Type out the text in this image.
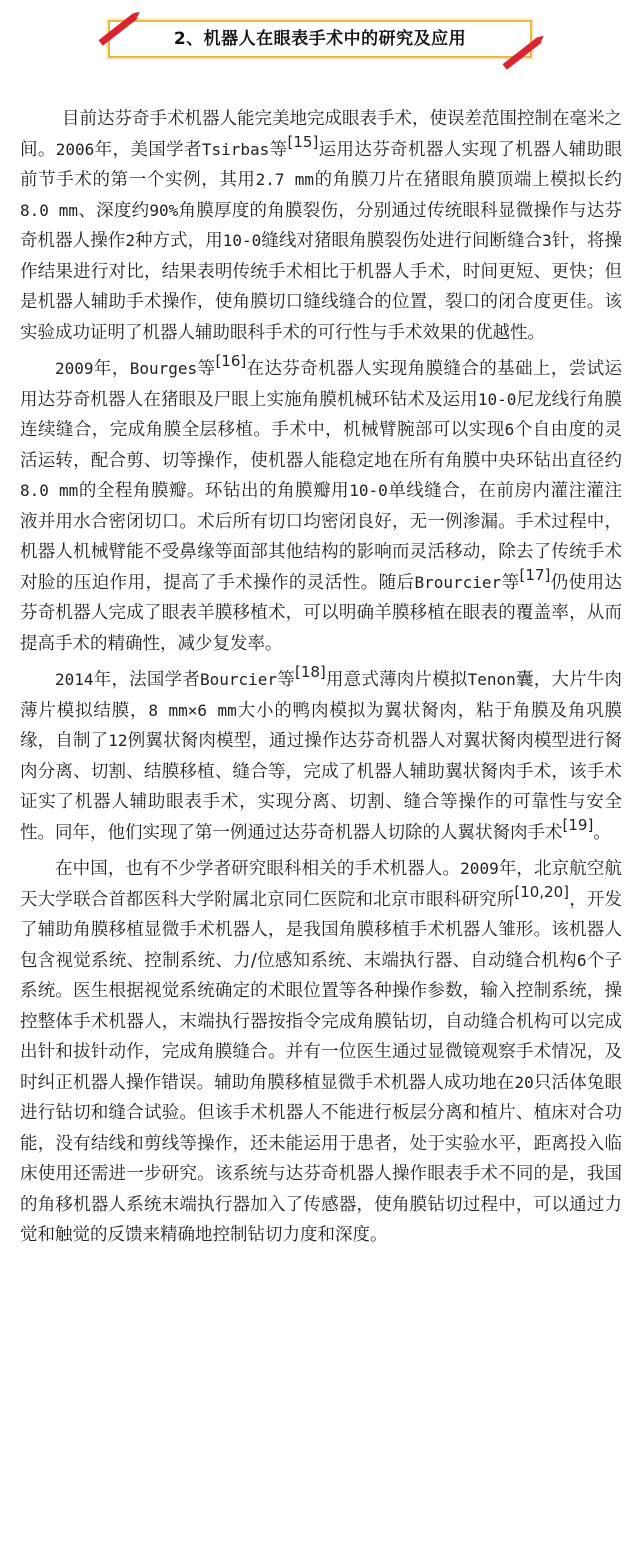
2、机器人在眼表手术中的研究及应用

目前达芬奇手术机器人能完美地完成眼表手术，使误差范围控制在毫米之间。2006年，美国学者Tsirbas等[15]运用达芬奇机器人实现了机器人辅助眼前节手术的第一个实例，其用2.7 mm的角膜刀片在猪眼角膜顶端上模拟长约8.0 mm、深度约90%角膜厚度的角膜裂伤，分别通过传统眼科显微操作与达芬奇机器人操作2种方式，用10-0缝线对猪眼角膜裂伤处进行间断缝合3针，将操作结果进行对比，结果表明传统手术相比于机器人手术，时间更短、更快；但是机器人辅助手术操作，使角膜切口缝线缝合的位置，裂口的闭合度更佳。该实验成功证明了机器人辅助眼科手术的可行性与手术效果的优越性。

2009年，Bourges等[16]在达芬奇机器人实现角膜缝合的基础上，尝试运用达芬奇机器人在猪眼及尸眼上实施角膜机械环钻术及运用10-0尼龙线行角膜连续缝合，完成角膜全层移植。手术中，机械臂腕部可以实现6个自由度的灵活运转，配合剪、切等操作，使机器人能稳定地在所有角膜中央环钻出直径约8.0 mm的全程角膜瓣。环钻出的角膜瓣用10-0单线缝合，在前房内灌注灌注液并用水合密闭切口。术后所有切口均密闭良好，无一例渗漏。手术过程中，机器人机械臂能不受鼻缘等面部其他结构的影响而灵活移动，除去了传统手术对脸的压迫作用，提高了手术操作的灵活性。随后Brourcier等[17]仍使用达芬奇机器人完成了眼表羊膜移植术，可以明确羊膜移植在眼表的覆盖率，从而提高手术的精确性，减少复发率。

2014年，法国学者Bourcier等[18]用意式薄肉片模拟Tenon囊，大片牛肉薄片模拟结膜，8 mm×6 mm大小的鸭肉模拟为翼状胬肉，粘于角膜及角巩膜缘，自制了12例翼状胬肉模型，通过操作达芬奇机器人对翼状胬肉模型进行胬肉分离、切割、结膜移植、缝合等，完成了机器人辅助翼状胬肉手术，该手术证实了机器人辅助眼表手术，实现分离、切割、缝合等操作的可靠性与安全性。同年，他们实现了第一例通过达芬奇机器人切除的人翼状胬肉手术[19]。

在中国，也有不少学者研究眼科相关的手术机器人。2009年，北京航空航天大学联合首都医科大学附属北京同仁医院和北京市眼科研究所[10,20]，开发了辅助角膜移植显微手术机器人，是我国角膜移植手术机器人雏形。该机器人包含视觉系统、控制系统、力/位感知系统、末端执行器、自动缝合机构6个子系统。医生根据视觉系统确定的术眼位置等各种操作参数，输入控制系统，操控整体手术机器人，末端执行器按指令完成角膜钻切，自动缝合机构可以完成出针和拔针动作，完成角膜缝合。并有一位医生通过显微镜观察手术情况，及时纠正机器人操作错误。辅助角膜移植显微手术机器人成功地在20只活体兔眼进行钻切和缝合试验。但该手术机器人不能进行板层分离和植片、植床对合功能，没有结线和剪线等操作，还未能运用于患者，处于实验水平，距离投入临床使用还需进一步研究。该系统与达芬奇机器人操作眼表手术不同的是，我国的角移机器人系统末端执行器加入了传感器，使角膜钻切过程中，可以通过力觉和触觉的反馈来精确地控制钻切力度和深度。
